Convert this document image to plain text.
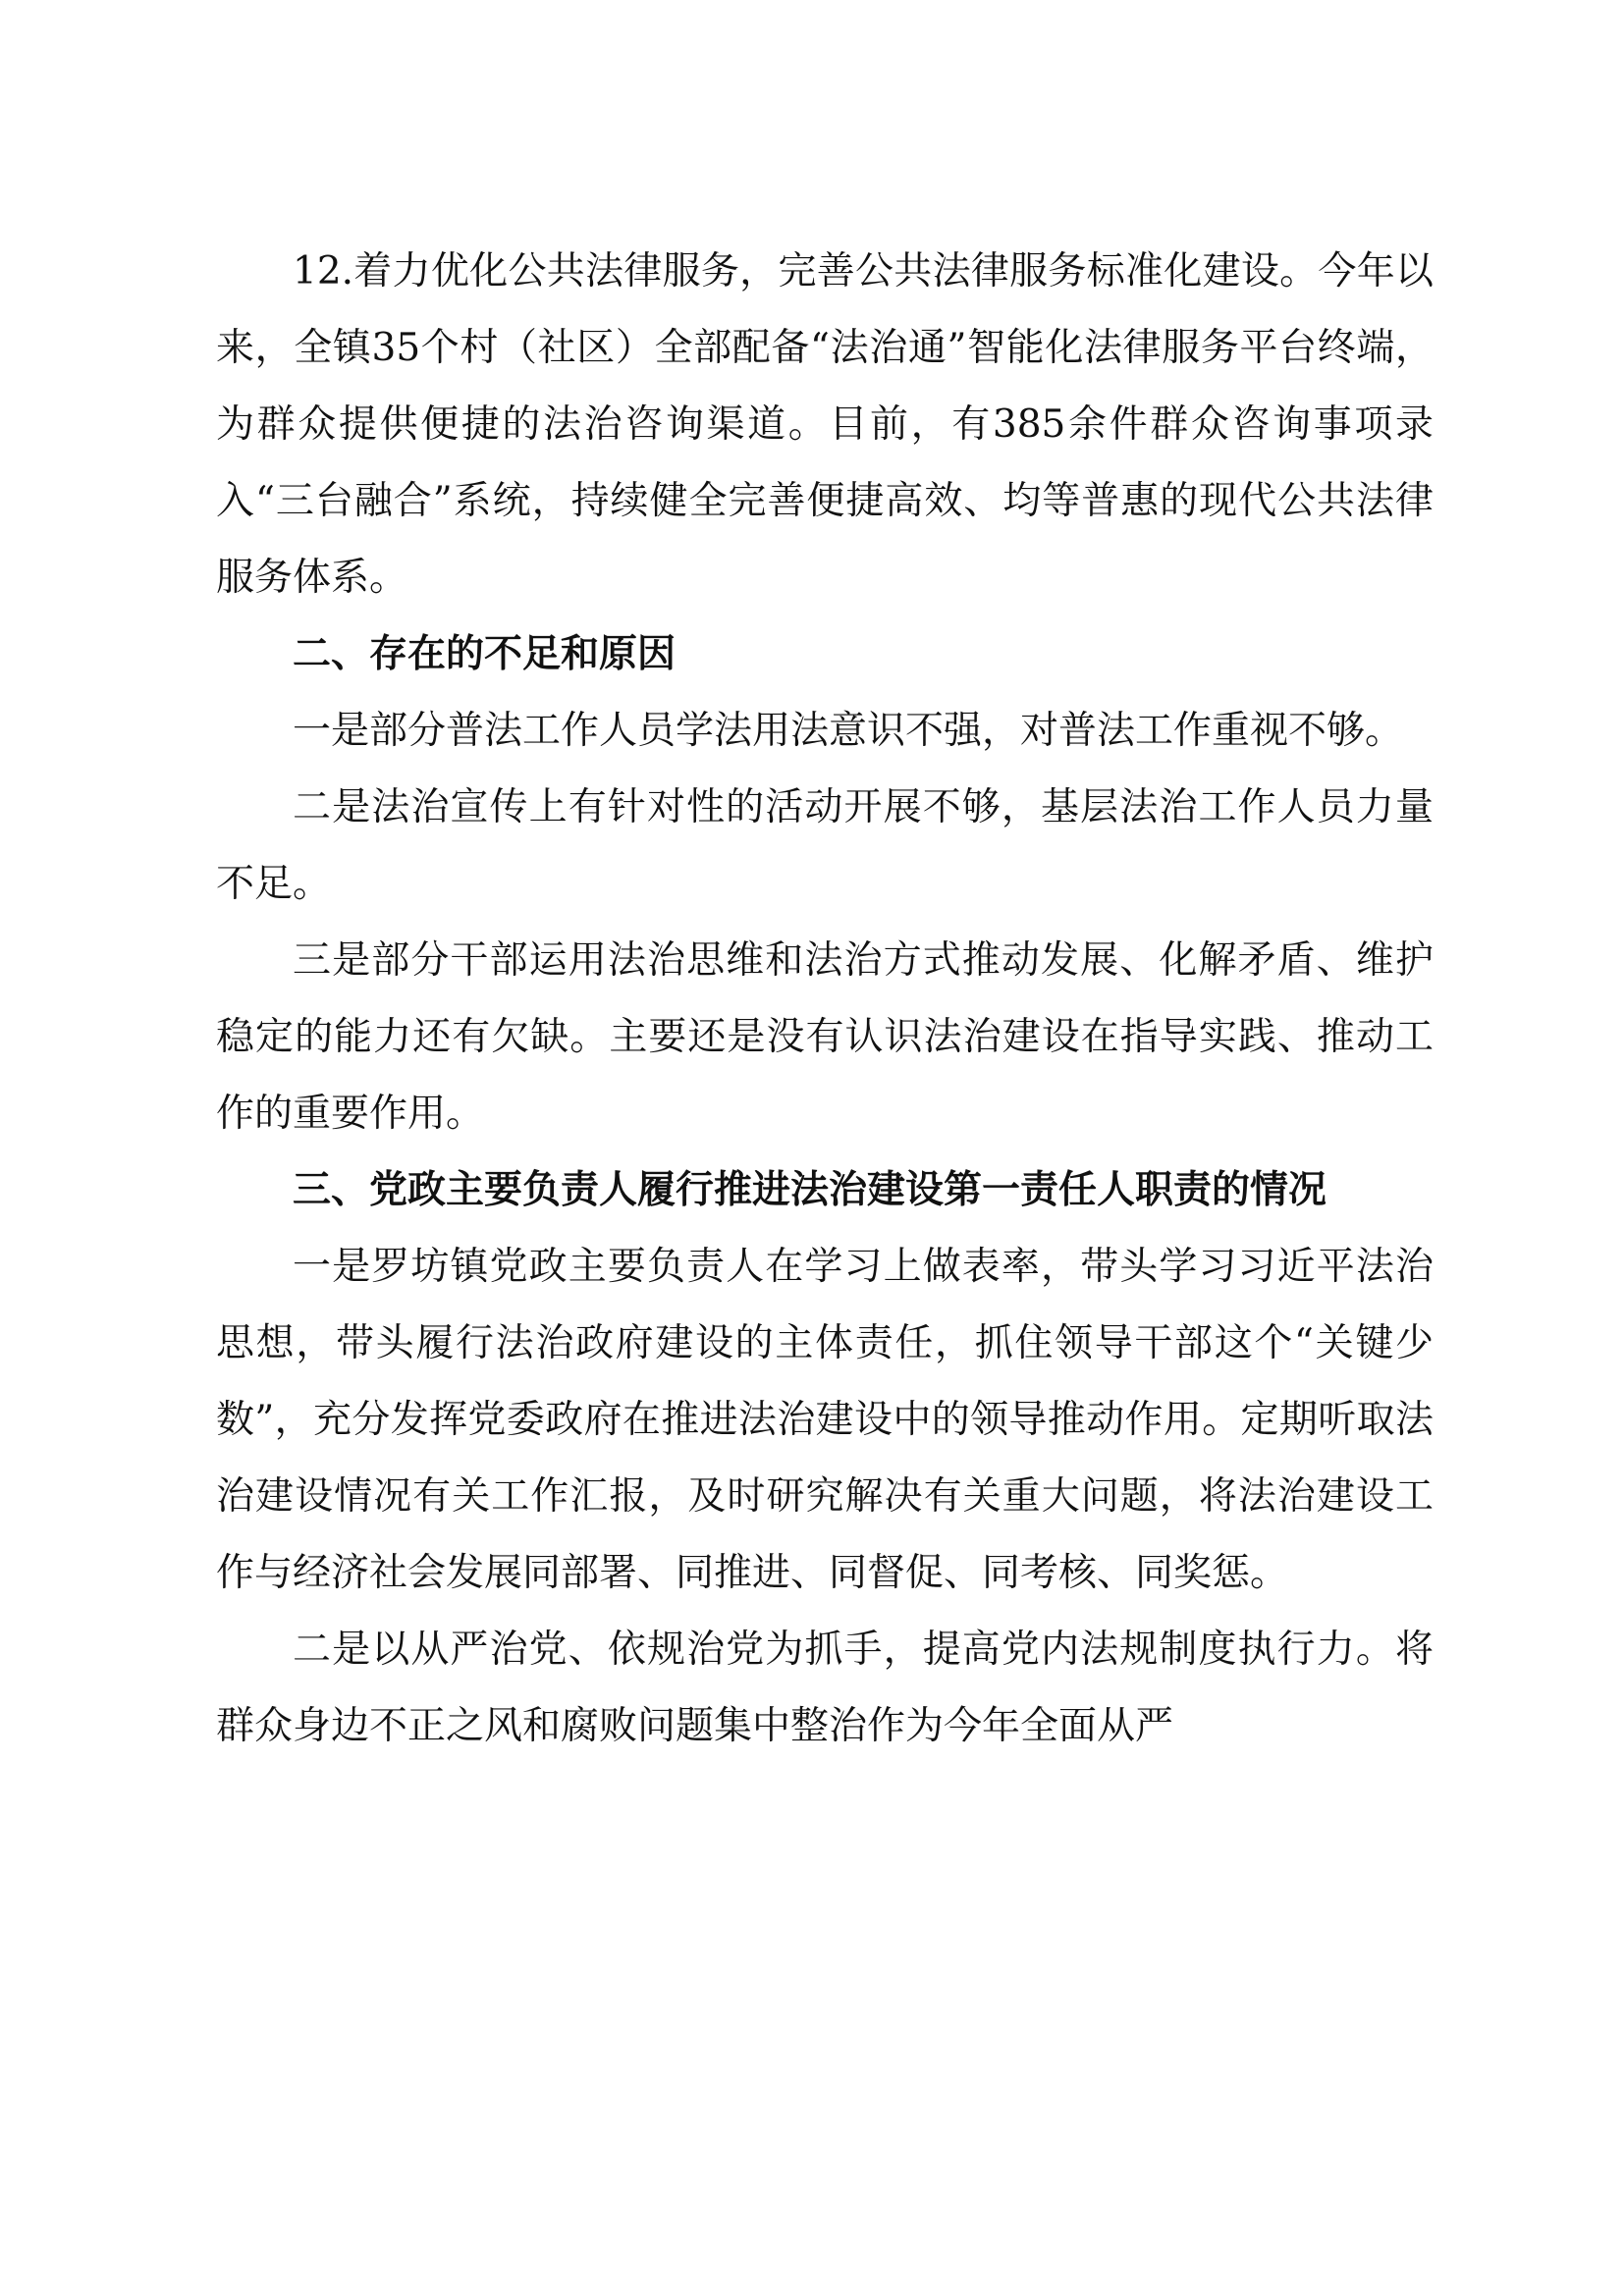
12.着力优化公共法律服务，完善公共法律服务标准化建设。今年以来，全镇35个村（社区）全部配备“法治通”智能化法律服务平台终端，为群众提供便捷的法治咨询渠道。目前，有385余件群众咨询事项录入“三台融合”系统，持续健全完善便捷高效、均等普惠的现代公共法律服务体系。

二、存在的不足和原因

一是部分普法工作人员学法用法意识不强，对普法工作重视不够。

二是法治宣传上有针对性的活动开展不够，基层法治工作人员力量不足。

三是部分干部运用法治思维和法治方式推动发展、化解矛盾、维护稳定的能力还有欠缺。主要还是没有认识法治建设在指导实践、推动工作的重要作用。

三、党政主要负责人履行推进法治建设第一责任人职责的情况

一是罗坊镇党政主要负责人在学习上做表率，带头学习习近平法治思想，带头履行法治政府建设的主体责任，抓住领导干部这个“关键少数”，充分发挥党委政府在推进法治建设中的领导推动作用。定期听取法治建设情况有关工作汇报，及时研究解决有关重大问题，将法治建设工作与经济社会发展同部署、同推进、同督促、同考核、同奖惩。

二是以从严治党、依规治党为抓手，提高党内法规制度执行力。将群众身边不正之风和腐败问题集中整治作为今年全面从严
